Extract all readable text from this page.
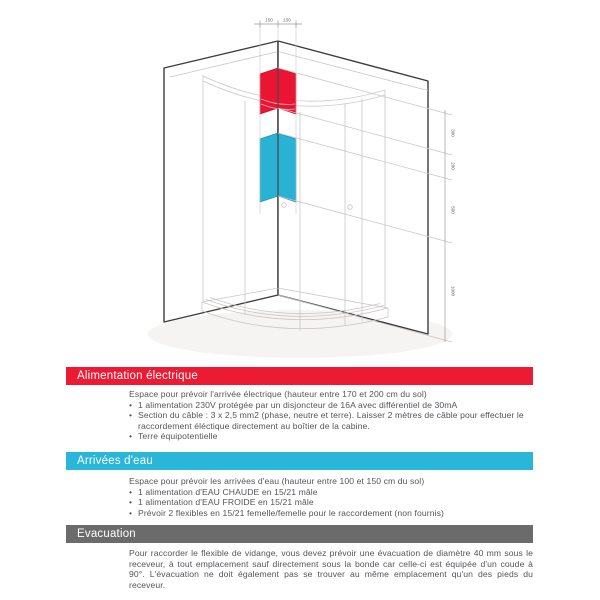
150 150
300
200
500
1000
Alimentation électrique

Espace pour prévoir l'arrivée électrique (hauteur entre 170 et 200 cm du sol)

• 1 alimentation 230V protégée par un disjoncteur de 16A avec différentiel de 30mA
• Section du câble : 3 x 2,5 mm2 (phase, neutre et terre). Laisser 2 mètres de câble pour effectuer le raccordement éléctique directement au boîtier de la cabine.
• Terre équipotentielle
Arrivées d'eau

Espace pour prévoir les arrivées d'eau (hauteur entre 100 et 150 cm du sol)

• 1 alimentation d'EAU CHAUDE en 15/21 mâle
• 1 alimentation d'EAU FROIDE en 15/21 mâle
• Prévoir 2 flexibles en 15/21 femelle/femelle pour le raccordement (non fournis)
Evacuation

Pour raccorder le flexible de vidange, vous devez prévoir une évacuation de diamètre 40 mm sous le receveur, à tout emplacement sauf directement sous la bonde car celle-ci est équipée d'un coude à 90°. L'évacuation ne doit également pas se trouver au même emplacement qu'un des pieds du receveur.
